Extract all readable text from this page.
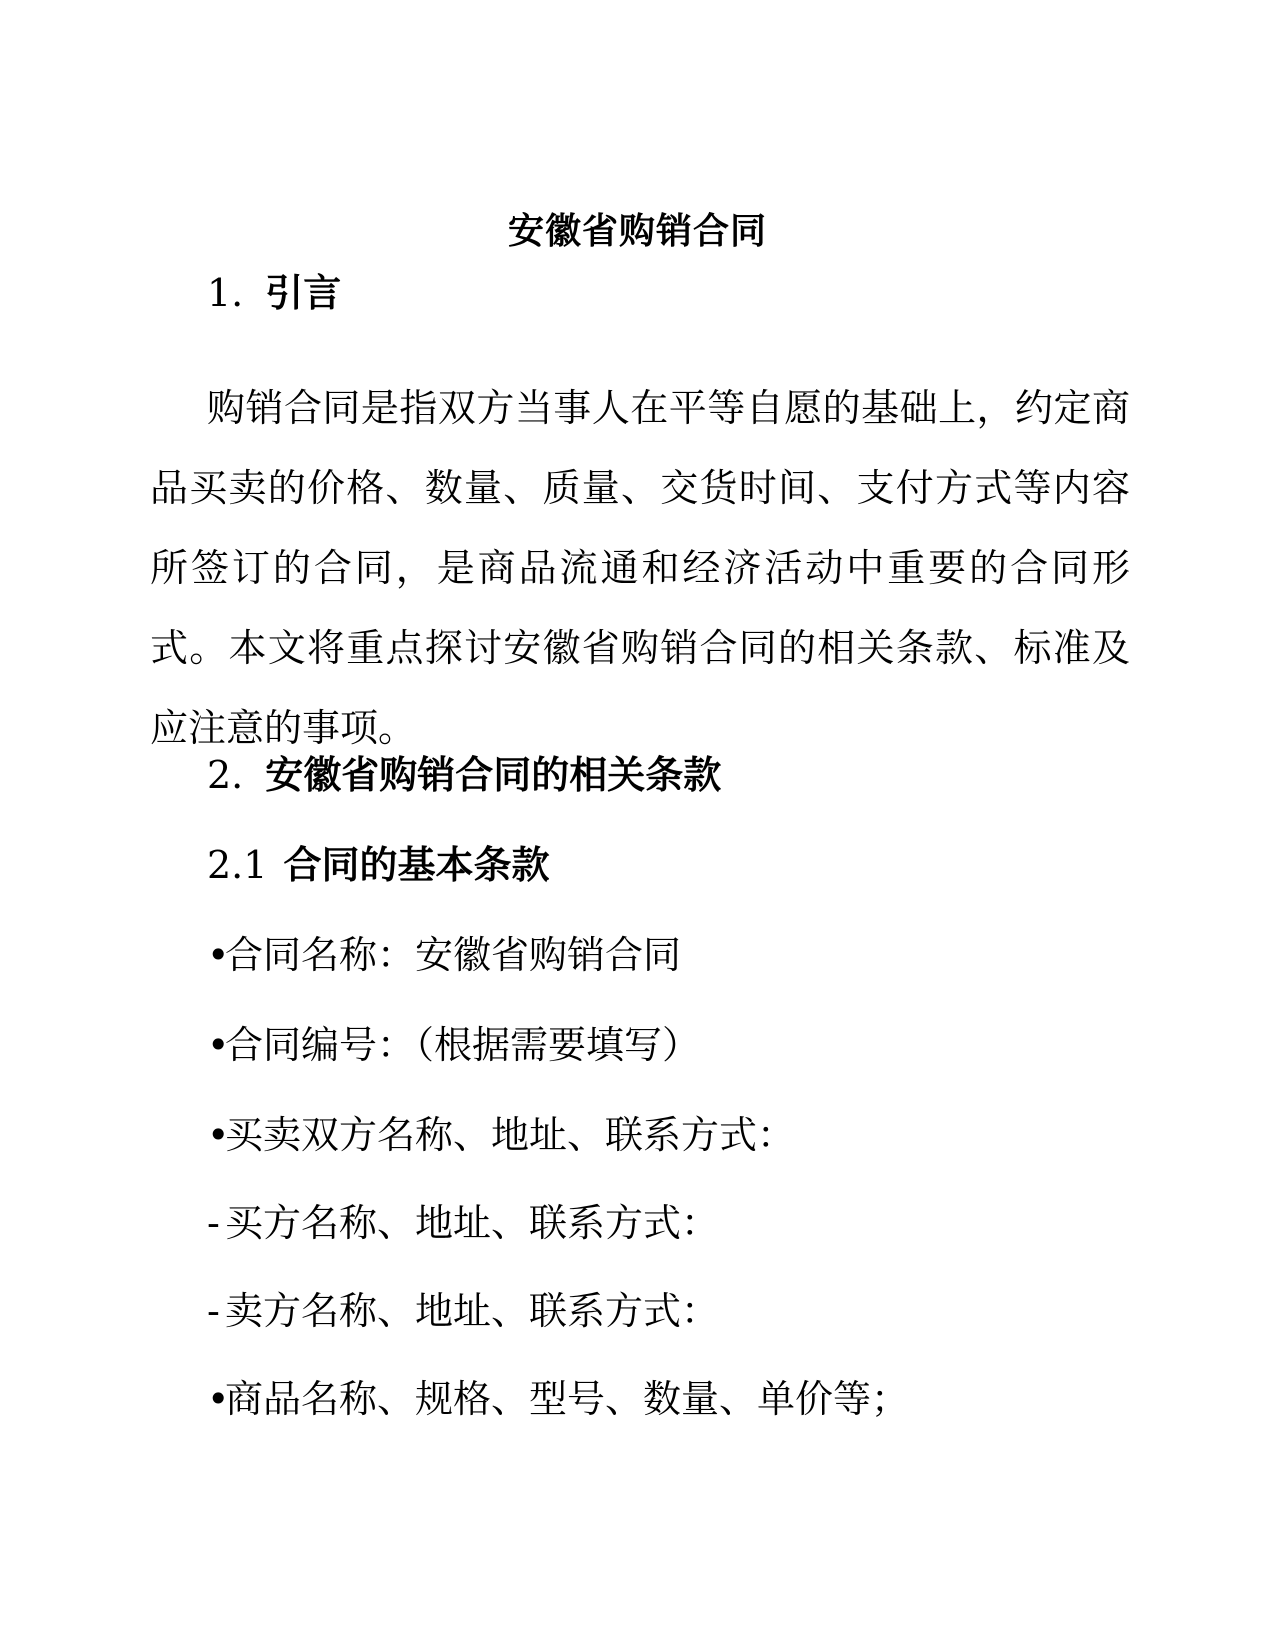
安徽省购销合同
1. 引言
购销合同是指双方当事人在平等自愿的基础上，约定商品买卖的价格、数量、质量、交货时间、支付方式等内容所签订的合同，是商品流通和经济活动中重要的合同形式。本文将重点探讨安徽省购销合同的相关条款、标准及应注意的事项。
2. 安徽省购销合同的相关条款
2.1 合同的基本条款
•合同名称：安徽省购销合同
•合同编号：（根据需要填写）
•买卖双方名称、地址、联系方式：
- 买方名称、地址、联系方式：
- 卖方名称、地址、联系方式：
•商品名称、规格、型号、数量、单价等；
